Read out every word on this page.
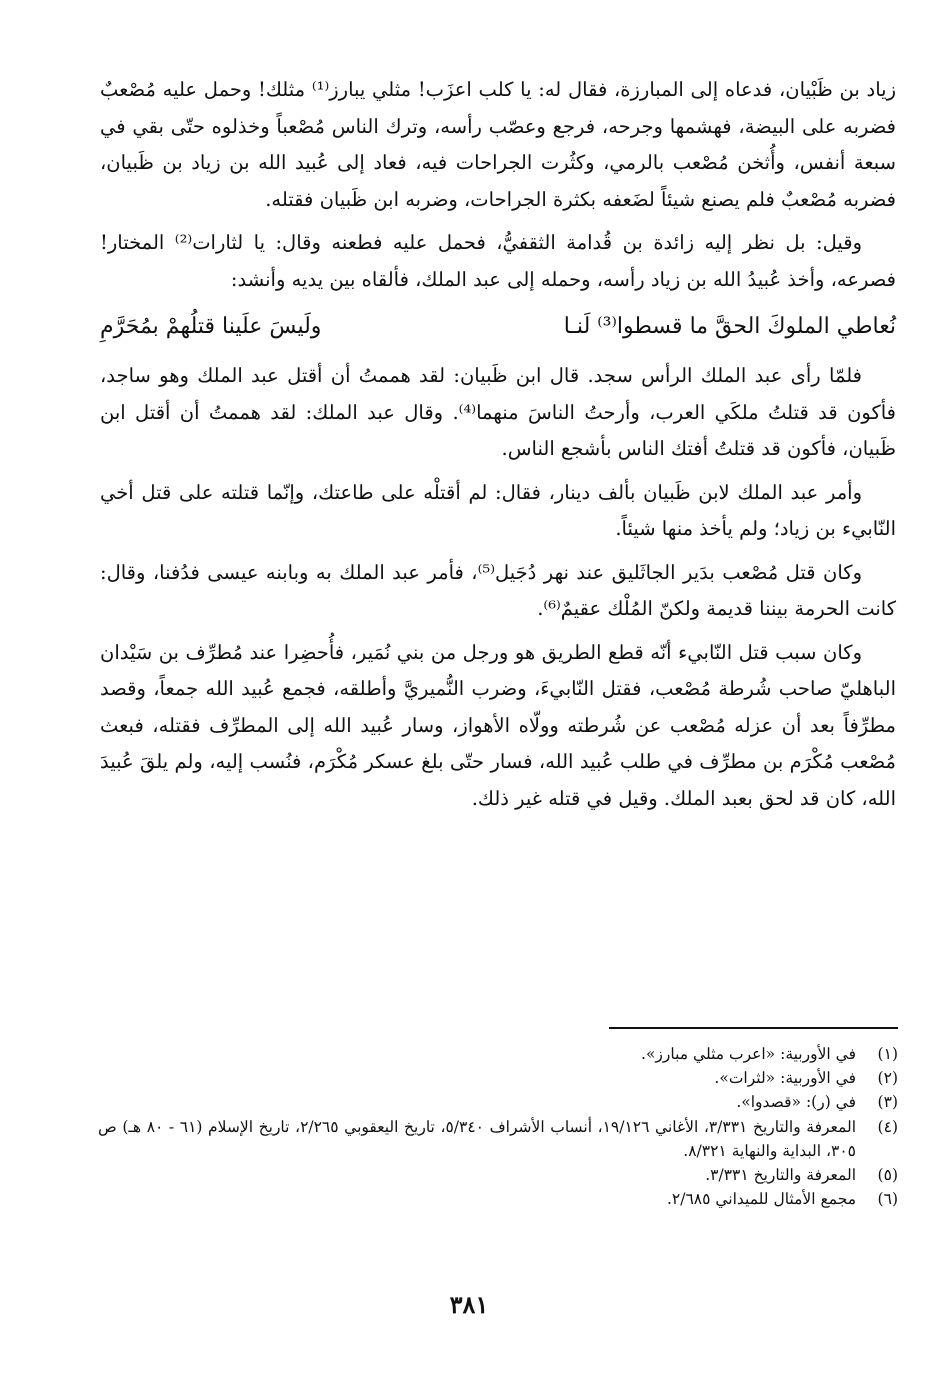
زياد بن ظَبْيان، فدعاه إلى المبارزة، فقال له: يا كلب اعزَب! مثلي يبارز⁽¹⁾ مثلك! وحمل عليه مُصْعبٌ فضربه على البيضة، فهشمها وجرحه، فرجع وعصّب رأسه، وترك الناس مُصْعباً وخذلوه حتّى بقي في سبعة أنفس، وأُثخن مُصْعب بالرمي، وكثُرت الجراحات فيه، فعاد إلى عُبيد الله بن زياد بن ظَبيان، فضربه مُصْعبٌ فلم يصنع شيئاً لضَعفه بكثرة الجراحات، وضربه ابن ظَبيان فقتله.

وقيل: بل نظر إليه زائدة بن قُدامة الثقفيُّ، فحمل عليه فطعنه وقال: يا لثارات⁽²⁾ المختار! فصرعه، وأخذ عُبيدُ الله بن زياد رأسه، وحمله إلى عبد الملك، فألقاه بين يديه وأنشد:

نُعاطي الملوكَ الحقَّ ما قسطوا⁽³⁾ لَنـا
ولَيسَ علَينا قتلُهمْ بمُحَرَّمِ

فلمّا رأى عبد الملك الرأس سجد. قال ابن ظَبيان: لقد هممتُ أن أقتل عبد الملك وهو ساجد، فأكون قد قتلتُ ملكَي العرب، وأرحتُ الناسَ منهما⁽⁴⁾. وقال عبد الملك: لقد هممتُ أن أقتل ابن ظَبيان، فأكون قد قتلتُ أفتك الناس بأشجع الناس.

وأمر عبد الملك لابن ظَبيان بألف دينار، فقال: لم أقتلْه على طاعتك، وإنّما قتلته على قتل أخي النّابيء بن زياد؛ ولم يأخذ منها شيئاً.

وكان قتل مُصْعب بدَير الجاثَليق عند نهر دُجَيل⁽⁵⁾، فأمر عبد الملك به وبابنه عيسى فدُفنا، وقال: كانت الحرمة بيننا قديمة ولكنّ المُلْك عقيمٌ⁽⁶⁾.

وكان سبب قتل النّابيء أنّه قطع الطريق هو ورجل من بني نُمَير، فأُحضِرا عند مُطرِّف بن سَيْدان الباهليّ صاحب شُرطة مُصْعب، فقتل النّابيءَ، وضرب النُّميريَّ وأطلقه، فجمع عُبيد الله جمعاً، وقصد مطرِّفاً بعد أن عزله مُصْعب عن شُرطته وولّاه الأهواز، وسار عُبيد الله إلى المطرِّف فقتله، فبعث مُصْعب مُكْرَم بن مطرِّف في طلب عُبيد الله، فسار حتّى بلغ عسكر مُكْرَم، فنُسب إليه، ولم يلقَ عُبيدَ الله، كان قد لحق بعبد الملك. وقيل في قتله غير ذلك.

(١)
في الأوربية: «اعرب مثلي مبارز».
(٢)
في الأوربية: «لثرات».
(٣)
في (ر): «قصدوا».
(٤)
المعرفة والتاريخ ٣/٣٣١، الأغاني ١٩/١٢٦، أنساب الأشراف ٥/٣٤٠، تاريخ اليعقوبي ٢/٢٦٥، تاريخ الإسلام (٦١ - ٨٠ هـ) ص ٣٠٥، البداية والنهاية ٨/٣٢١.
(٥)
المعرفة والتاريخ ٣/٣٣١.
(٦)
مجمع الأمثال للميداني ٢/٦٨٥.
٣٨١
